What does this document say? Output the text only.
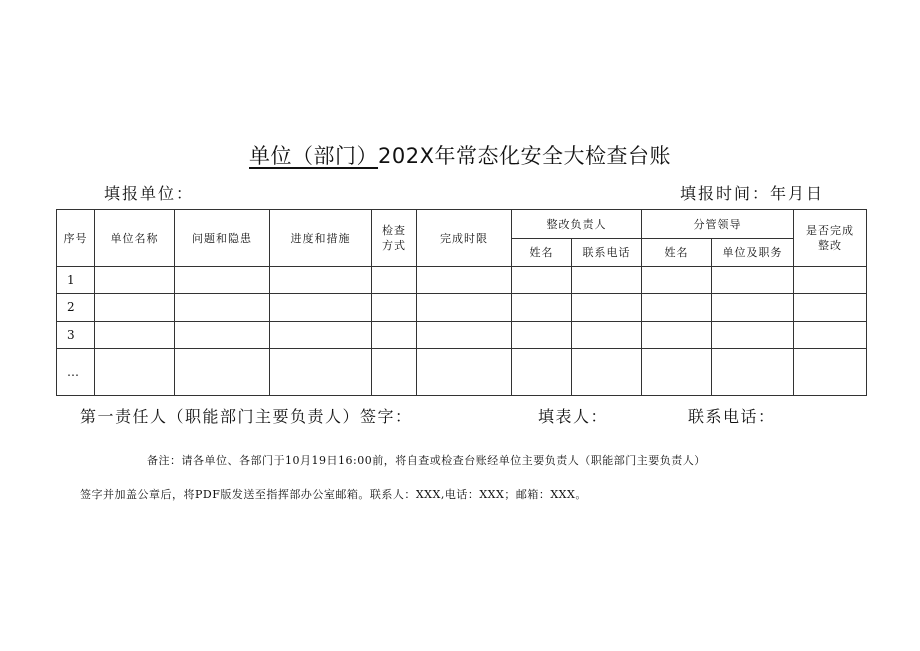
单位（部门）202X年常态化安全大检查台账
填报单位：	填报时间：年月日
序号	单位名称	问题和隐患	进度和措施	检查方式	完成时限	整改负责人		分管领导		是否完成整改
						姓名	联系电话	姓名	单位及职务	
1										
2										
3										
…										
第一责任人（职能部门主要负责人）签字：	填表人：	联系电话：
备注：请各单位、各部门于10月19日16:00前，将自查或检查台账经单位主要负责人（职能部门主要负责人）
签字并加盖公章后，将PDF版发送至指挥部办公室邮箱。联系人：XXX,电话：XXX；邮箱：XXX。
